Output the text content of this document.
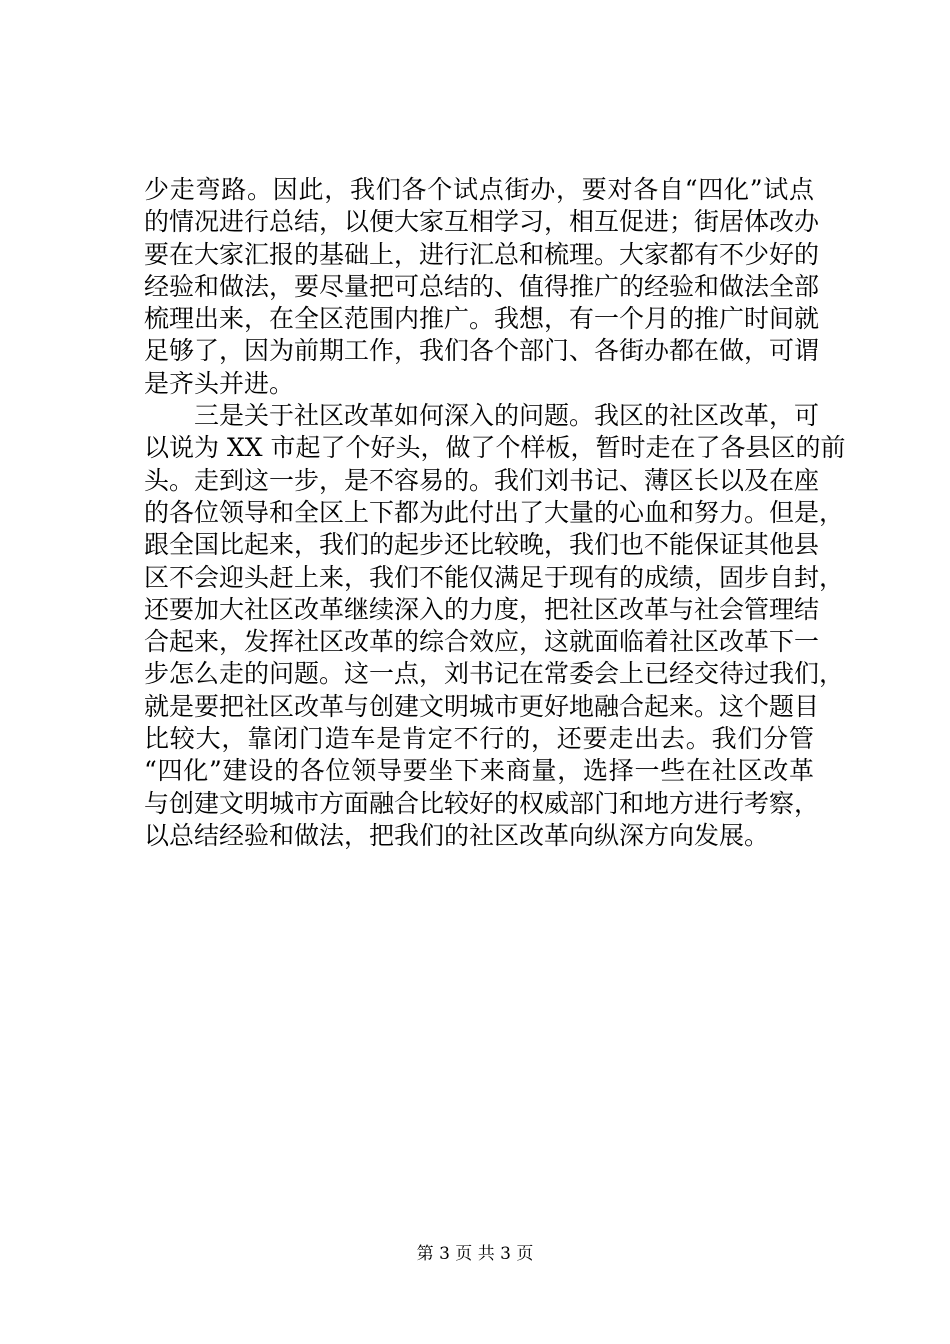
少走弯路。因此，我们各个试点街办，要对各自“四化”试点
的情况进行总结，以便大家互相学习，相互促进；街居体改办
要在大家汇报的基础上，进行汇总和梳理。大家都有不少好的
经验和做法，要尽量把可总结的、值得推广的经验和做法全部
梳理出来，在全区范围内推广。我想，有一个月的推广时间就
足够了，因为前期工作，我们各个部门、各街办都在做，可谓
是齐头并进。
三是关于社区改革如何深入的问题。我区的社区改革，可
以说为 XX 市起了个好头，做了个样板，暂时走在了各县区的前
头。走到这一步，是不容易的。我们刘书记、薄区长以及在座
的各位领导和全区上下都为此付出了大量的心血和努力。但是，
跟全国比起来，我们的起步还比较晚，我们也不能保证其他县
区不会迎头赶上来，我们不能仅满足于现有的成绩，固步自封，
还要加大社区改革继续深入的力度，把社区改革与社会管理结
合起来，发挥社区改革的综合效应，这就面临着社区改革下一
步怎么走的问题。这一点，刘书记在常委会上已经交待过我们，
就是要把社区改革与创建文明城市更好地融合起来。这个题目
比较大，靠闭门造车是肯定不行的，还要走出去。我们分管
“四化”建设的各位领导要坐下来商量，选择一些在社区改革
与创建文明城市方面融合比较好的权威部门和地方进行考察，
以总结经验和做法，把我们的社区改革向纵深方向发展。
第 3 页 共 3 页
